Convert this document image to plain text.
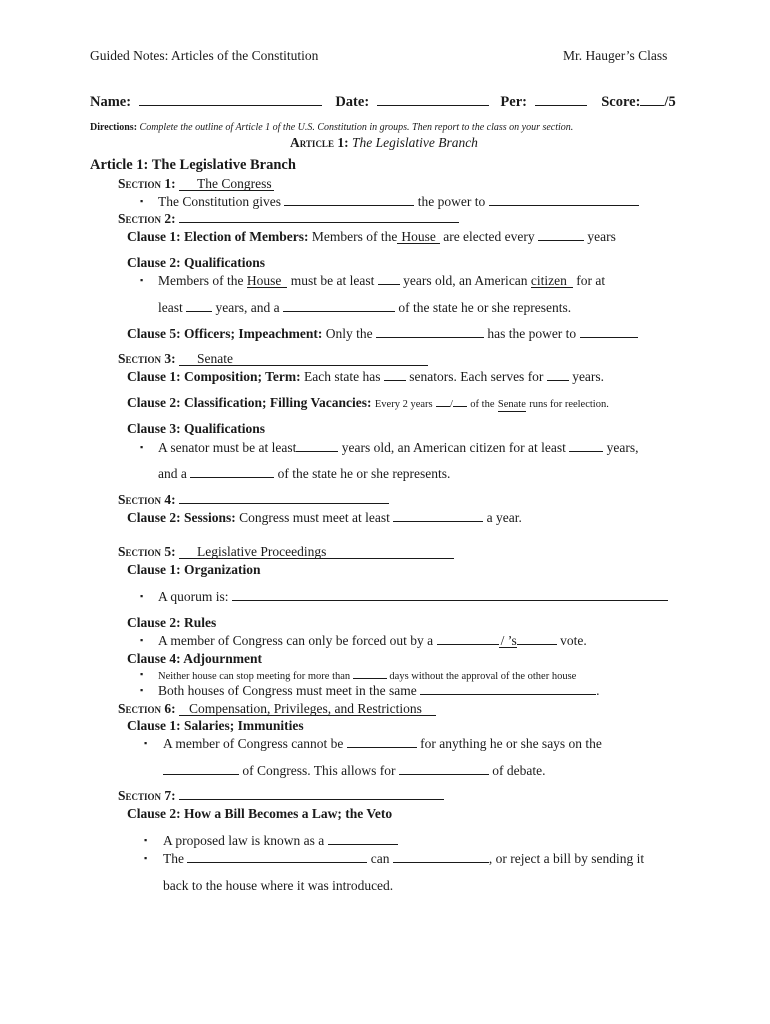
Guided Notes: Articles of the Constitution	Mr. Hauger’s Class
Name:	Date:	Per:	Score: /5
Directions: Complete the outline of Article 1 of the U.S. Constitution in groups. Then report to the class on your section.
Article 1: The Legislative Branch
Article 1: The Legislative Branch
Section 1: The Congress
▪ The Constitution gives	the power to
Section 2:
Clause 1: Election of Members: Members of the House are elected every	years
Clause 2: Qualifications
▪ Members of the House must be at least years old, an American citizen for at
least years, and a	of the state he or she represents.
Clause 5: Officers; Impeachment: Only the	has the power to
Section 3: Senate
Clause 1: Composition; Term: Each state has senators. Each serves for years.
Clause 2: Classification; Filling Vacancies: Every 2 years / of the Senate runs for reelection.
Clause 3: Qualifications
▪ A senator must be at least	years old, an American citizen for at least	years,
and a	of the state he or she represents.
Section 4:
Clause 2: Sessions: Congress must meet at least	a year.
Section 5: Legislative Proceedings
Clause 1: Organization
▪ A quorum is:
Clause 2: Rules
▪ A member of Congress can only be forced out by a	/ ’s	vote.
Clause 4: Adjournment
▪ Neither house can stop meeting for more than	days without the approval of the other house
▪ Both houses of Congress must meet in the same	.
Section 6: Compensation, Privileges, and Restrictions
Clause 1: Salaries; Immunities
▪ A member of Congress cannot be	for anything he or she says on the
of Congress. This allows for	of debate.
Section 7:
Clause 2: How a Bill Becomes a Law; the Veto
▪ A proposed law is known as a
▪ The	can	, or reject a bill by sending it
back to the house where it was introduced.
